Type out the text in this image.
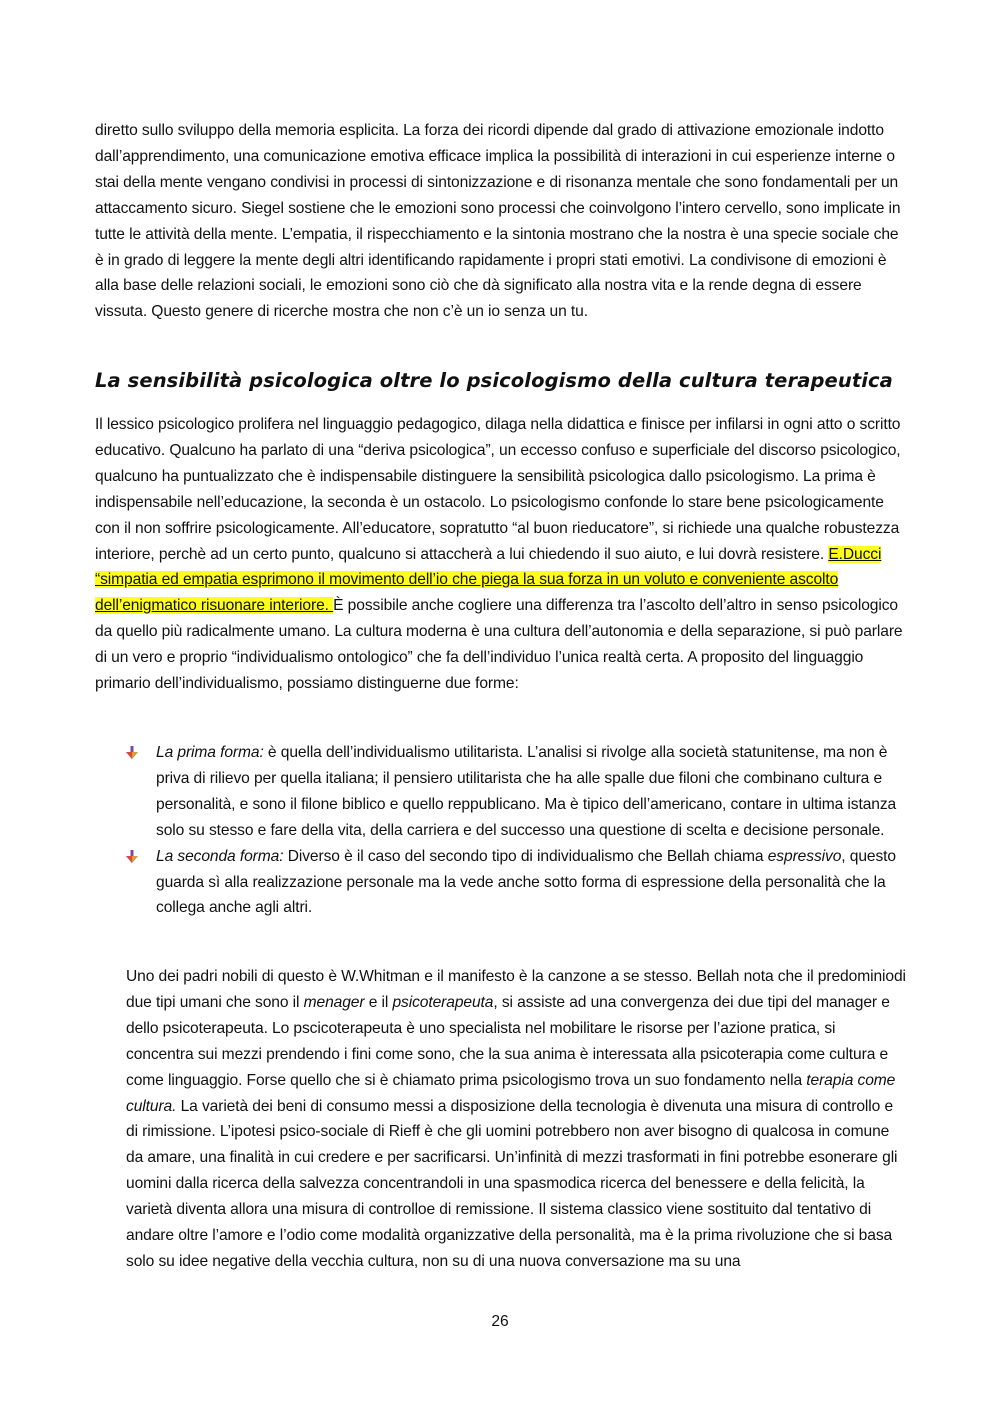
diretto sullo sviluppo della memoria esplicita. La forza dei ricordi dipende dal grado di attivazione emozionale indotto dall’apprendimento, una comunicazione emotiva efficace implica la possibilità di interazioni in cui esperienze interne o stai della mente vengano condivisi in processi di sintonizzazione e di risonanza mentale che sono fondamentali per un attaccamento sicuro. Siegel sostiene che le emozioni sono processi che coinvolgono l’intero cervello, sono implicate in tutte le attività della mente. L’empatia, il rispecchiamento e la sintonia mostrano che la nostra è una specie sociale che è in grado di leggere la mente degli altri identificando rapidamente i propri stati emotivi. La condivisone di emozioni è alla base delle relazioni sociali, le emozioni sono ciò che dà significato alla nostra vita e la rende degna di essere vissuta. Questo genere di ricerche mostra che non c’è un io senza un tu.

La sensibilità psicologica oltre lo psicologismo della cultura terapeutica

Il lessico psicologico prolifera nel linguaggio pedagogico, dilaga nella didattica e finisce per infilarsi in ogni atto o scritto educativo. Qualcuno ha parlato di una “deriva psicologica”, un eccesso confuso e superficiale del discorso psicologico, qualcuno ha puntualizzato che è indispensabile distinguere la sensibilità psicologica dallo psicologismo. La prima è indispensabile nell’educazione, la seconda è un ostacolo. Lo psicologismo confonde lo stare bene psicologicamente con il non soffrire psicologicamente. All’educatore, sopratutto “al buon rieducatore”, si richiede una qualche robustezza interiore, perchè ad un certo punto, qualcuno si attaccherà a lui chiedendo il suo aiuto, e lui dovrà resistere. E.Ducci “simpatia ed empatia esprimono il movimento dell’io che piega la sua forza in un voluto e conveniente ascolto dell’enigmatico risuonare interiore. È possibile anche cogliere una differenza tra l’ascolto dell’altro in senso psicologico da quello più radicalmente umano. La cultura moderna è una cultura dell’autonomia e della separazione, si può parlare di un vero e proprio “individualismo ontologico” che fa dell’individuo l’unica realtà certa. A proposito del linguaggio primario dell’individualismo, possiamo distinguerne due forme:

La prima forma: è quella dell’individualismo utilitarista. L’analisi si rivolge alla società statunitense, ma non è priva di rilievo per quella italiana; il pensiero utilitarista che ha alle spalle due filoni che combinano cultura e personalità, e sono il filone biblico e quello reppublicano. Ma è tipico dell’americano, contare in ultima istanza solo su stesso e fare della vita, della carriera e del successo una questione di scelta e decisione personale.
La seconda forma: Diverso è il caso del secondo tipo di individualismo che Bellah chiama espressivo, questo guarda sì alla realizzazione personale ma la vede anche sotto forma di espressione della personalità che la collega anche agli altri.

Uno dei padri nobili di questo è W.Whitman e il manifesto è la canzone a se stesso. Bellah nota che il predominiodi due tipi umani che sono il menager e il psicoterapeuta, si assiste ad una convergenza dei due tipi del manager e dello psicoterapeuta. Lo pscicoterapeuta è uno specialista nel mobilitare le risorse per l’azione pratica, si concentra sui mezzi prendendo i fini come sono, che la sua anima è interessata alla psicoterapia come cultura e come linguaggio. Forse quello che si è chiamato prima psicologismo trova un suo fondamento nella terapia come cultura. La varietà dei beni di consumo messi a disposizione della tecnologia è divenuta una misura di controllo e di rimissione. L’ipotesi psico-sociale di Rieff è che gli uomini potrebbero non aver bisogno di qualcosa in comune da amare, una finalità in cui credere e per sacrificarsi. Un’infinità di mezzi trasformati in fini potrebbe esonerare gli uomini dalla ricerca della salvezza concentrandoli in una spasmodica ricerca del benessere e della felicità, la varietà diventa allora una misura di controlloe di remissione. Il sistema classico viene sostituito dal tentativo di andare oltre l’amore e l’odio come modalità organizzative della personalità, ma è la prima rivoluzione che si basa solo su idee negative della vecchia cultura, non su di una nuova conversazione ma su una

26
